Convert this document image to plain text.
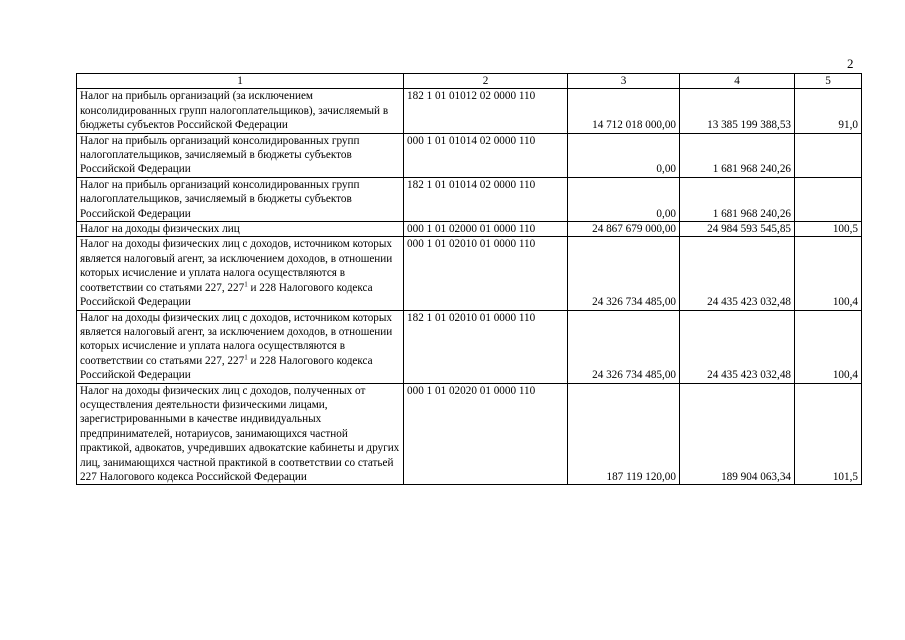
2
1	2	3	4	5
Налог на прибыль организаций (за исключением консолидированных групп налогоплательщиков), зачисляемый в бюджеты субъектов Российской Федерации	182 1 01 01012 02 0000 110	14 712 018 000,00	13 385 199 388,53	91,0
Налог на прибыль организаций консолидированных групп налогоплательщиков, зачисляемый в бюджеты субъектов Российской Федерации	000 1 01 01014 02 0000 110	0,00	1 681 968 240,26	
Налог на прибыль организаций консолидированных групп налогоплательщиков, зачисляемый в бюджеты субъектов Российской Федерации	182 1 01 01014 02 0000 110	0,00	1 681 968 240,26	
Налог на доходы физических лиц	000 1 01 02000 01 0000 110	24 867 679 000,00	24 984 593 545,85	100,5
Налог на доходы физических лиц с доходов, источником которых является налоговый агент, за исключением доходов, в отношении которых исчисление и уплата налога осуществляются в соответствии со статьями 227, $227^1$ и 228 Налогового кодекса Российской Федерации	000 1 01 02010 01 0000 110	24 326 734 485,00	24 435 423 032,48	100,4
Налог на доходы физических лиц с доходов, источником которых является налоговый агент, за исключением доходов, в отношении которых исчисление и уплата налога осуществляются в соответствии со статьями 227, $227^1$ и 228 Налогового кодекса Российской Федерации	182 1 01 02010 01 0000 110	24 326 734 485,00	24 435 423 032,48	100,4
Налог на доходы физических лиц с доходов, полученных от осуществления деятельности физическими лицами, зарегистрированными в качестве индивидуальных предпринимателей, нотариусов, занимающихся частной практикой, адвокатов, учредивших адвокатские кабинеты и других лиц, занимающихся частной практикой в соответствии со статьей 227 Налогового кодекса Российской Федерации	000 1 01 02020 01 0000 110	187 119 120,00	189 904 063,34	101,5
